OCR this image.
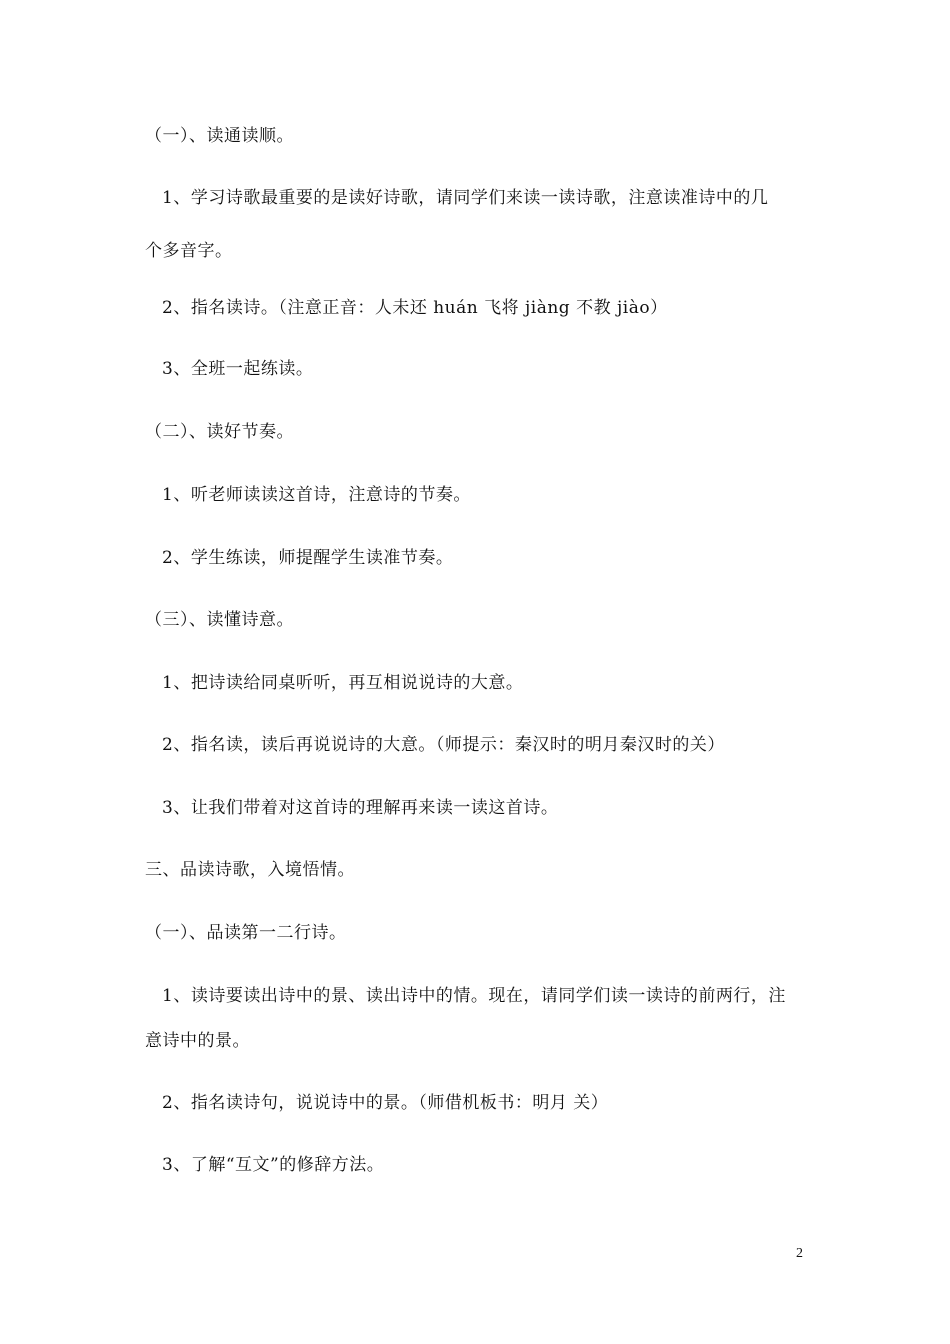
（一）、读通读顺。
1、学习诗歌最重要的是读好诗歌，请同学们来读一读诗歌，注意读准诗中的几
个多音字。
2、指名读诗。（注意正音：人未还 huán 飞将 jiàng 不教 jiào）
3、全班一起练读。
（二）、读好节奏。
1、听老师读读这首诗，注意诗的节奏。
2、学生练读，师提醒学生读准节奏。
（三）、读懂诗意。
1、把诗读给同桌听听，再互相说说诗的大意。
2、指名读，读后再说说诗的大意。（师提示：秦汉时的明月秦汉时的关）
3、让我们带着对这首诗的理解再来读一读这首诗。
三、品读诗歌，入境悟情。
（一）、品读第一二行诗。
1、读诗要读出诗中的景、读出诗中的情。现在，请同学们读一读诗的前两行，注
意诗中的景。
2、指名读诗句，说说诗中的景。（师借机板书：明月 关）
3、了解“互文”的修辞方法。
2
